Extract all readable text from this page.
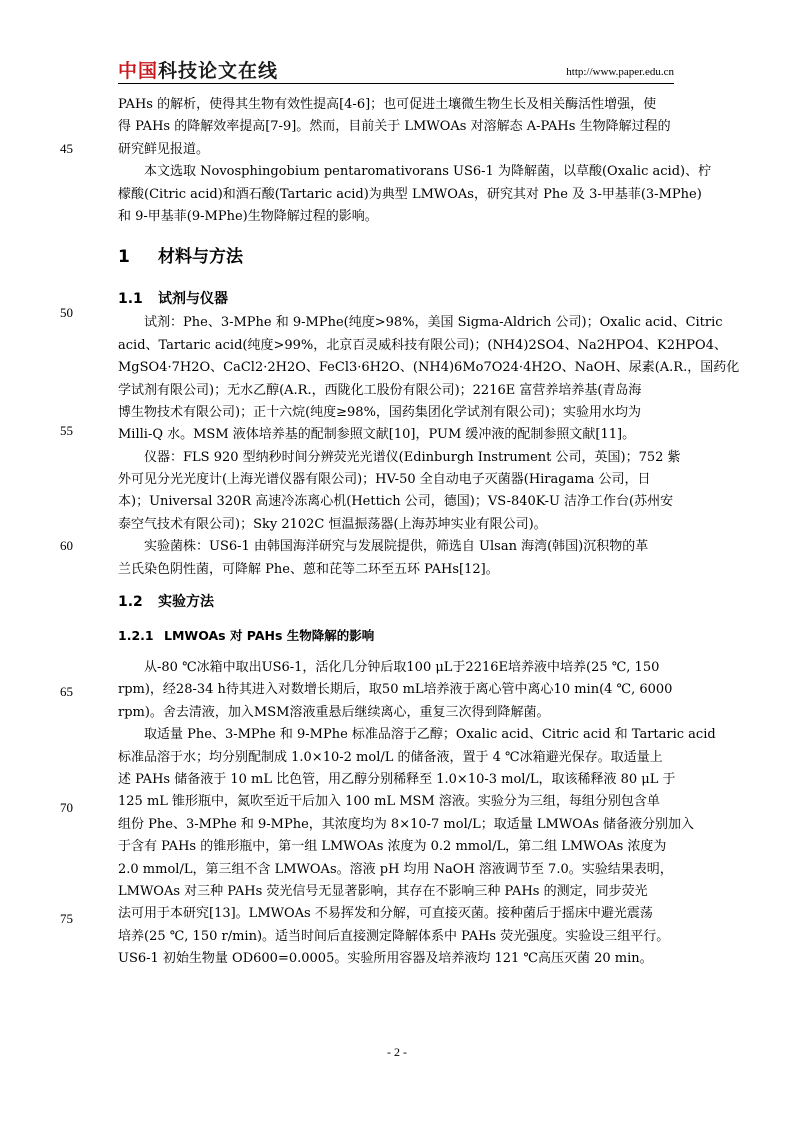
中国科技论文在线	http://www.paper.edu.cn
45
50
55
60
65
70
75
PAHs 的解析，使得其生物有效性提高[4-6]；也可促进土壤微生物生长及相关酶活性增强，使
得 PAHs 的降解效率提高[7-9]。然而，目前关于 LMWOAs 对溶解态 A-PAHs 生物降解过程的
研究鲜见报道。
本文选取 Novosphingobium pentaromativorans US6-1 为降解菌，以草酸(Oxalic acid)、柠
檬酸(Citric acid)和酒石酸(Tartaric acid)为典型 LMWOAs，研究其对 Phe 及 3-甲基菲(3-MPhe)
和 9-甲基菲(9-MPhe)生物降解过程的影响。
1 材料与方法
1.1 试剂与仪器
试剂：Phe、3-MPhe 和 9-MPhe(纯度>98%，美国 Sigma-Aldrich 公司)；Oxalic acid、Citric
acid、Tartaric acid(纯度>99%，北京百灵威科技有限公司)；(NH4)2SO4、Na2HPO4、K2HPO4、
MgSO4·7H2O、CaCl2·2H2O、FeCl3·6H2O、(NH4)6Mo7O24·4H2O、NaOH、尿素(A.R.，国药化
学试剂有限公司)；无水乙醇(A.R.，西陇化工股份有限公司)；2216E 富营养培养基(青岛海
博生物技术有限公司)；正十六烷(纯度≥98%，国药集团化学试剂有限公司)；实验用水均为
Milli-Q 水。MSM 液体培养基的配制参照文献[10]，PUM 缓冲液的配制参照文献[11]。
仪器：FLS 920 型纳秒时间分辨荧光光谱仪(Edinburgh Instrument 公司，英国)；752 紫
外可见分光光度计(上海光谱仪器有限公司)；HV-50 全自动电子灭菌器(Hiragama 公司，日
本)；Universal 320R 高速冷冻离心机(Hettich 公司，德国)；VS-840K-U 洁净工作台(苏州安
泰空气技术有限公司)；Sky 2102C 恒温振荡器(上海苏坤实业有限公司)。
实验菌株：US6-1 由韩国海洋研究与发展院提供，筛选自 Ulsan 海湾(韩国)沉积物的革
兰氏染色阴性菌，可降解 Phe、蒽和芘等二环至五环 PAHs[12]。
1.2 实验方法
1.2.1 LMWOAs 对 PAHs 生物降解的影响
从-80 ℃冰箱中取出US6-1，活化几分钟后取100 μL于2216E培养液中培养(25 ℃, 150
rpm)，经28-34 h待其进入对数增长期后，取50 mL培养液于离心管中离心10 min(4 ℃, 6000
rpm)。舍去清液，加入MSM溶液重悬后继续离心，重复三次得到降解菌。
取适量 Phe、3-MPhe 和 9-MPhe 标准品溶于乙醇；Oxalic acid、Citric acid 和 Tartaric acid
标准品溶于水；均分别配制成 1.0×10-2 mol/L 的储备液，置于 4 ℃冰箱避光保存。取适量上
述 PAHs 储备液于 10 mL 比色管，用乙醇分别稀释至 1.0×10-3 mol/L，取该稀释液 80 μL 于
125 mL 锥形瓶中，氮吹至近干后加入 100 mL MSM 溶液。实验分为三组，每组分别包含单
组份 Phe、3-MPhe 和 9-MPhe，其浓度均为 8×10-7 mol/L；取适量 LMWOAs 储备液分别加入
于含有 PAHs 的锥形瓶中，第一组 LMWOAs 浓度为 0.2 mmol/L，第二组 LMWOAs 浓度为
2.0 mmol/L，第三组不含 LMWOAs。溶液 pH 均用 NaOH 溶液调节至 7.0。实验结果表明，
LMWOAs 对三种 PAHs 荧光信号无显著影响，其存在不影响三种 PAHs 的测定，同步荧光
法可用于本研究[13]。LMWOAs 不易挥发和分解，可直接灭菌。接种菌后于摇床中避光震荡
培养(25 ℃, 150 r/min)。适当时间后直接测定降解体系中 PAHs 荧光强度。实验设三组平行。
US6-1 初始生物量 OD600=0.0005。实验所用容器及培养液均 121 ℃高压灭菌 20 min。
- 2 -
